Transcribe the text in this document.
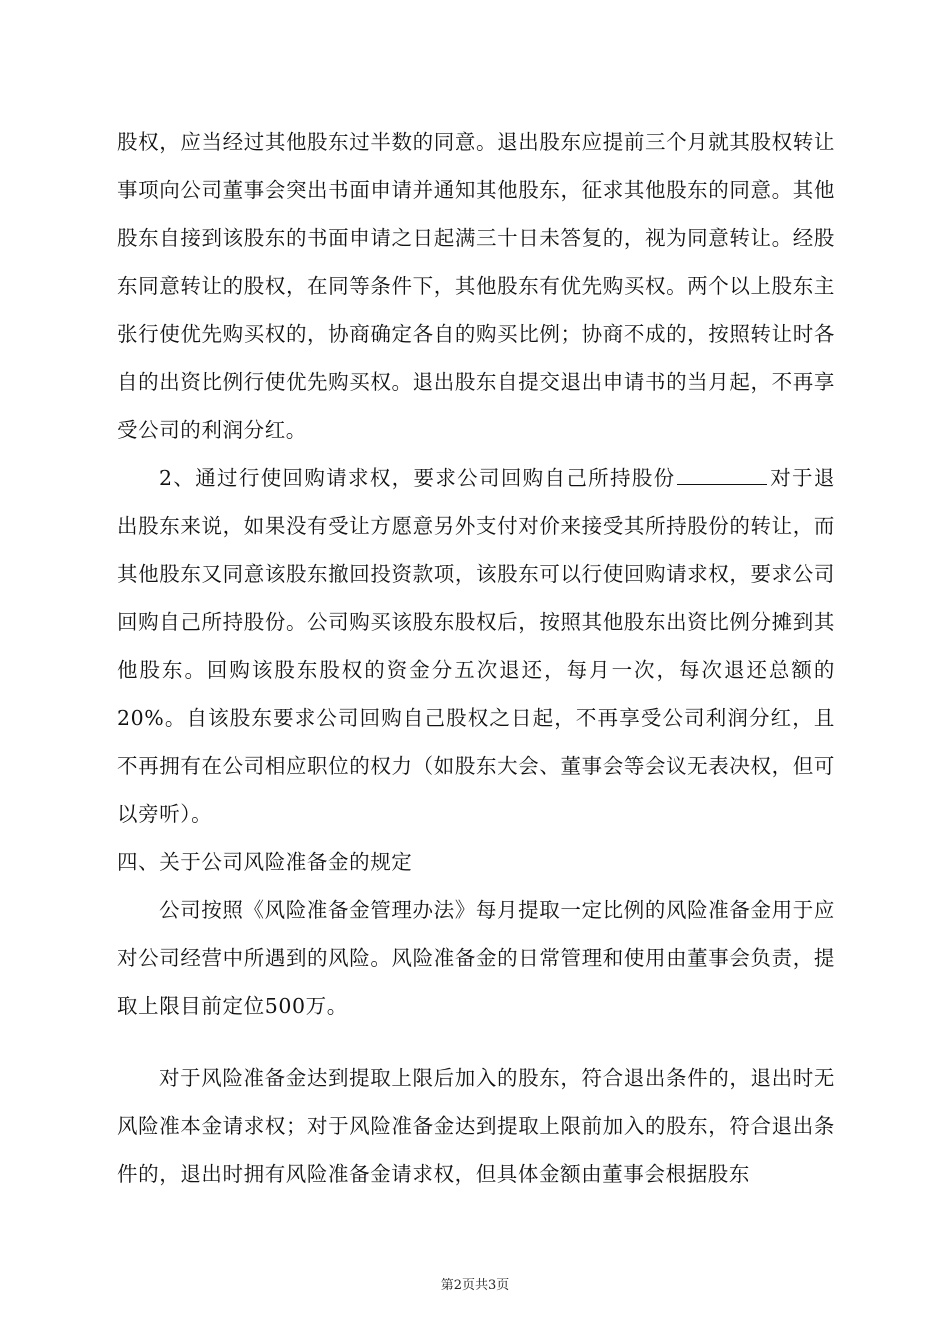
股权，应当经过其他股东过半数的同意。退出股东应提前三个月就其股权转让事项向公司董事会突出书面申请并通知其他股东，征求其他股东的同意。其他股东自接到该股东的书面申请之日起满三十日未答复的，视为同意转让。经股东同意转让的股权，在同等条件下，其他股东有优先购买权。两个以上股东主张行使优先购买权的，协商确定各自的购买比例；协商不成的，按照转让时各自的出资比例行使优先购买权。退出股东自提交退出申请书的当月起，不再享受公司的利润分红。

2、通过行使回购请求权，要求公司回购自己所持股份	对于退出股东来说，如果没有受让方愿意另外支付对价来接受其所持股份的转让，而其他股东又同意该股东撤回投资款项，该股东可以行使回购请求权，要求公司回购自己所持股份。公司购买该股东股权后，按照其他股东出资比例分摊到其他股东。回购该股东股权的资金分五次退还，每月一次，每次退还总额的20%。自该股东要求公司回购自己股权之日起，不再享受公司利润分红，且不再拥有在公司相应职位的权力（如股东大会、董事会等会议无表决权，但可以旁听）。

四、关于公司风险准备金的规定

公司按照《风险准备金管理办法》每月提取一定比例的风险准备金用于应对公司经营中所遇到的风险。风险准备金的日常管理和使用由董事会负责，提取上限目前定位500万。

对于风险准备金达到提取上限后加入的股东，符合退出条件的，退出时无风险准本金请求权；对于风险准备金达到提取上限前加入的股东，符合退出条件的，退出时拥有风险准备金请求权，但具体金额由董事会根据股东

第2页共3页
